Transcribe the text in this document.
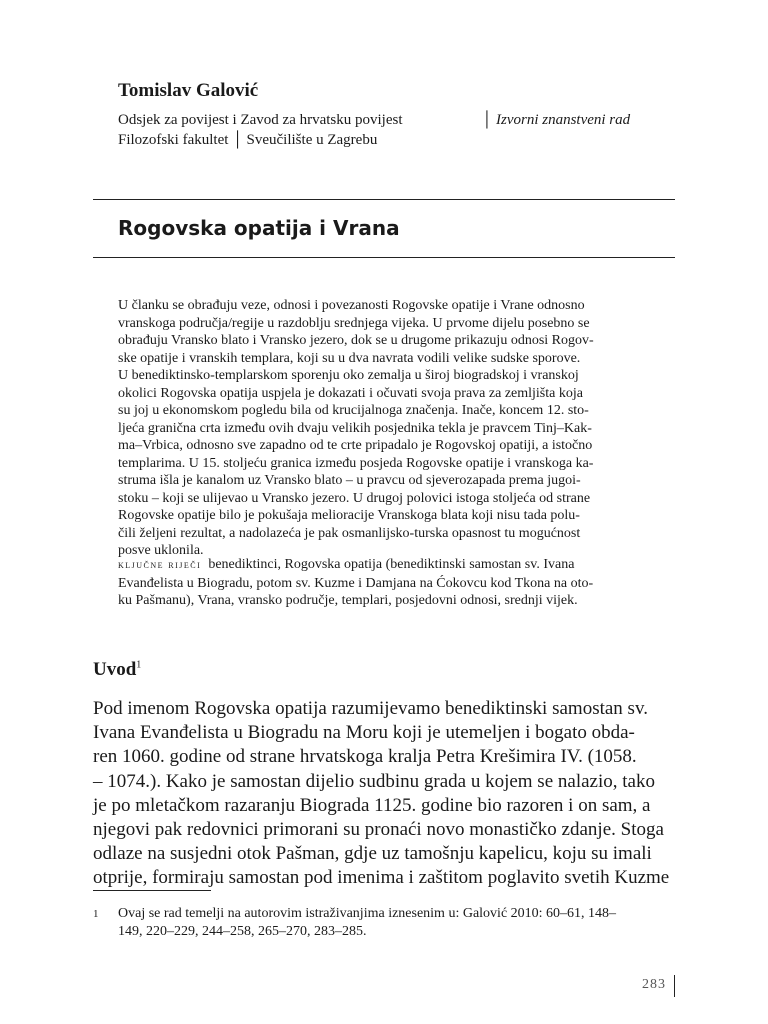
Tomislav Galović
Odsjek za povijest i Zavod za hrvatsku povijest
Filozofski fakultet │ Sveučilište u Zagrebu
│ Izvorni znanstveni rad
Rogovska opatija i Vrana

U članku se obrađuju veze, odnosi i povezanosti Rogovske opatije i Vrane odnosno

vranskoga područja/regije u razdoblju srednjega vijeka. U prvome dijelu posebno se

obrađuju Vransko blato i Vransko jezero, dok se u drugome prikazuju odnosi Rogov-

ske opatije i vranskih templara, koji su u dva navrata vodili velike sudske sporove.

U benediktinsko-templarskom sporenju oko zemalja u široj biogradskoj i vranskoj

okolici Rogovska opatija uspjela je dokazati i očuvati svoja prava za zemljišta koja

su joj u ekonomskom pogledu bila od krucijalnoga značenja. Inače, koncem 12. sto-

ljeća granična crta između ovih dvaju velikih posjednika tekla je pravcem Tinj–Kak-

ma–Vrbica, odnosno sve zapadno od te crte pripadalo je Rogovskoj opatiji, a istočno

templarima. U 15. stoljeću granica između posjeda Rogovske opatije i vranskoga ka-

struma išla je kanalom uz Vransko blato – u pravcu od sjeverozapada prema jugoi-

stoku – koji se ulijevao u Vransko jezero. U drugoj polovici istoga stoljeća od strane

Rogovske opatije bilo je pokušaja melioracije Vranskoga blata koji nisu tada polu-

čili željeni rezultat, a nadolazeća je pak osmanlijsko-turska opasnost tu mogućnost

posve uklonila.

ključne riječi benediktinci, Rogovska opatija (benediktinski samostan sv. Ivana
Evanđelista u Biogradu, potom sv. Kuzme i Damjana na Ćokovcu kod Tkona na oto-
ku Pašmanu), Vrana, vransko područje, templari, posjedovni odnosi, srednji vijek.
Uvod$^1$

Pod imenom Rogovska opatija razumijevamo benediktinski samostan sv.

Ivana Evanđelista u Biogradu na Moru koji je utemeljen i bogato obda-

ren 1060. godine od strane hrvatskoga kralja Petra Krešimira IV. (1058.

– 1074.). Kako je samostan dijelio sudbinu grada u kojem se nalazio, tako

je po mletačkom razaranju Biograda 1125. godine bio razoren i on sam, a

njegovi pak redovnici primorani su pronaći novo monastičko zdanje. Stoga

odlaze na susjedni otok Pašman, gdje uz tamošnju kapelicu, koju su imali

otprije, formiraju samostan pod imenima i zaštitom poglavito svetih Kuzme

1 Ovaj se rad temelji na autorovim istraživanjima iznesenim u: Galović 2010: 60–61, 148–
149, 220–229, 244–258, 265–270, 283–285.
283
